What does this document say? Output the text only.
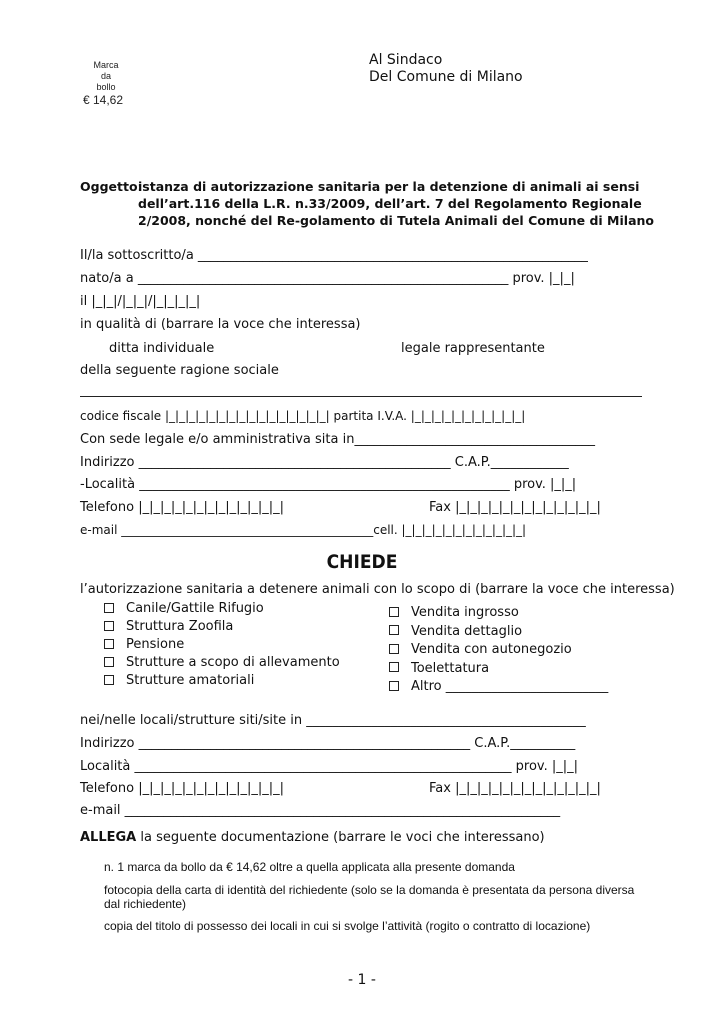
Marca
da
bollo
€ 14,62
Al Sindaco
Del Comune di Milano
Oggetto:istanza di autorizzazione sanitaria per la detenzione di animali ai sensi dell’art.116 della L.R. n.33/2009, dell’art. 7 del Regolamento Regionale 2/2008, nonché del Re-golamento di Tutela Animali del Comune di Milano
Il/la sottoscritto/a ____________________________________________________________
nato/a a _________________________________________________________ prov. |_|_|
il |_|_|/|_|_|/|_|_|_|_|
in qualità di (barrare la voce che interessa)
ditta individuale	legale rappresentante
della seguente ragione sociale
codice fiscale |_|_|_|_|_|_|_|_|_|_|_|_|_|_|_|_| partita I.V.A. |_|_|_|_|_|_|_|_|_|_|_|
Con sede legale e/o amministrativa sita in_____________________________________
Indirizzo ________________________________________________ C.A.P.____________
-Località _________________________________________________________ prov. |_|_|
Telefono |_|_|_|_|_|_|_|_|_|_|_|_|_|	Fax |_|_|_|_|_|_|_|_|_|_|_|_|_|
e-mail __________________________________________cell. |_|_|_|_|_|_|_|_|_|_|_|_|
CHIEDE
l’autorizzazione sanitaria a detenere animali con lo scopo di (barrare la voce che interessa)
Canile/Gattile Rifugio
Struttura Zoofila
Pensione
Strutture a scopo di allevamento
Strutture amatoriali
Vendita ingrosso
Vendita dettaglio
Vendita con autonegozio
Toelettatura
Altro _________________________
nei/nelle locali/strutture siti/site in ___________________________________________
Indirizzo ___________________________________________________ C.A.P.__________
Località __________________________________________________________ prov. |_|_|
Telefono |_|_|_|_|_|_|_|_|_|_|_|_|_|	Fax |_|_|_|_|_|_|_|_|_|_|_|_|_|
e-mail ___________________________________________________________________
ALLEGA la seguente documentazione (barrare le voci che interessano)
n. 1 marca da bollo da € 14,62 oltre a quella applicata alla presente domanda
fotocopia della carta di identità del richiedente (solo se la domanda è presentata da persona diversa dal richiedente)
copia del titolo di possesso dei locali in cui si svolge l’attività (rogito o contratto di locazione)
- 1 -
